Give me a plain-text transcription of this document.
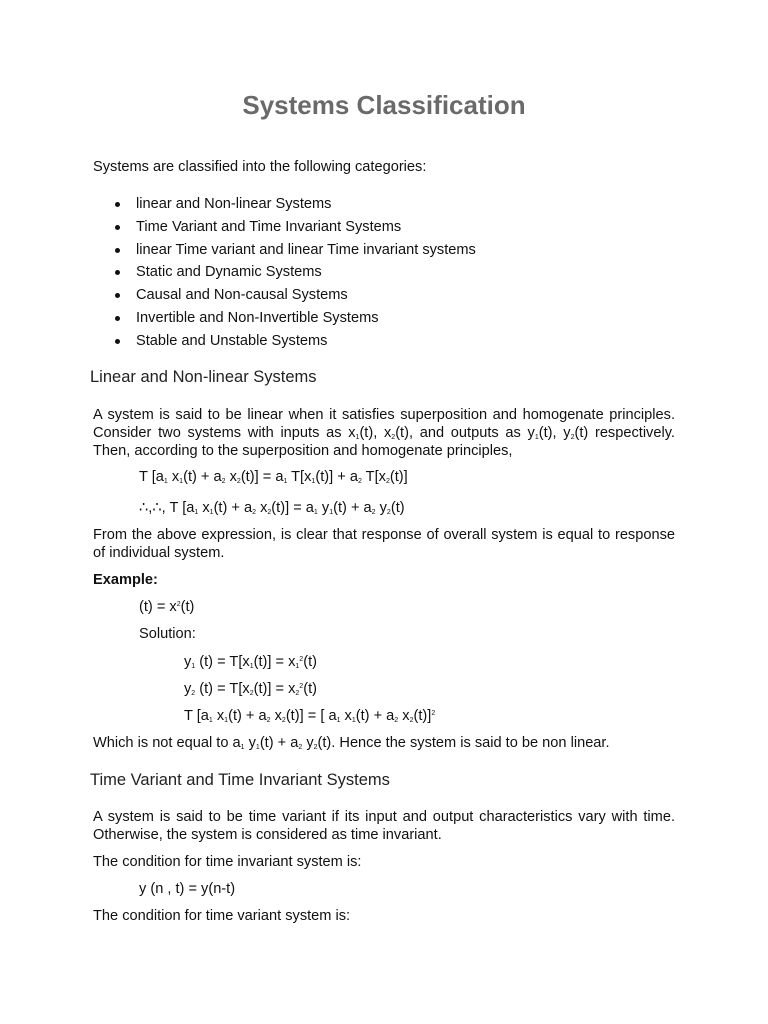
Systems Classification

Systems are classified into the following categories:

linear and Non-linear Systems
Time Variant and Time Invariant Systems
linear Time variant and linear Time invariant systems
Static and Dynamic Systems
Causal and Non-causal Systems
Invertible and Non-Invertible Systems
Stable and Unstable Systems
Linear and Non-linear Systems

A system is said to be linear when it satisfies superposition and homogenate principles. Consider two systems with inputs as $x_1(t)$, $x_2(t)$, and outputs as $y_1(t)$, $y_2(t)$ respectively. Then, according to the superposition and homogenate principles,

T [$a_1$ $x_1(t) + a_2$ $x_2(t)] = a_1$ $T[x_1(t)] + a_2$ $T[x_2(t)]$

∴,∴, T [$a_1$ $x_1(t) + a_2$ $x_2(t)] = a_1$ $y_1(t) + a_2$ $y_2(t)$

From the above expression, is clear that response of overall system is equal to response of individual system.

Example:

$(t) = x^2(t)$

Solution:

$y_1$ $(t) = T[x_1(t)] = x_1^2(t)$

$y_2$ $(t) = T[x_2(t)] = x_2^2(t)$

T [$a_1$ $x_1(t) + a_2$ $x_2(t)$] = [ $a_1$ $x_1(t) + a_2$ $x_2(t)]^2$

Which is not equal to $a_1$ $y_1(t) + a_2$ $y_2(t)$. Hence the system is said to be non linear.

Time Variant and Time Invariant Systems

A system is said to be time variant if its input and output characteristics vary with time. Otherwise, the system is considered as time invariant.

The condition for time invariant system is:

y (n , t) = y(n-t)

The condition for time variant system is:
